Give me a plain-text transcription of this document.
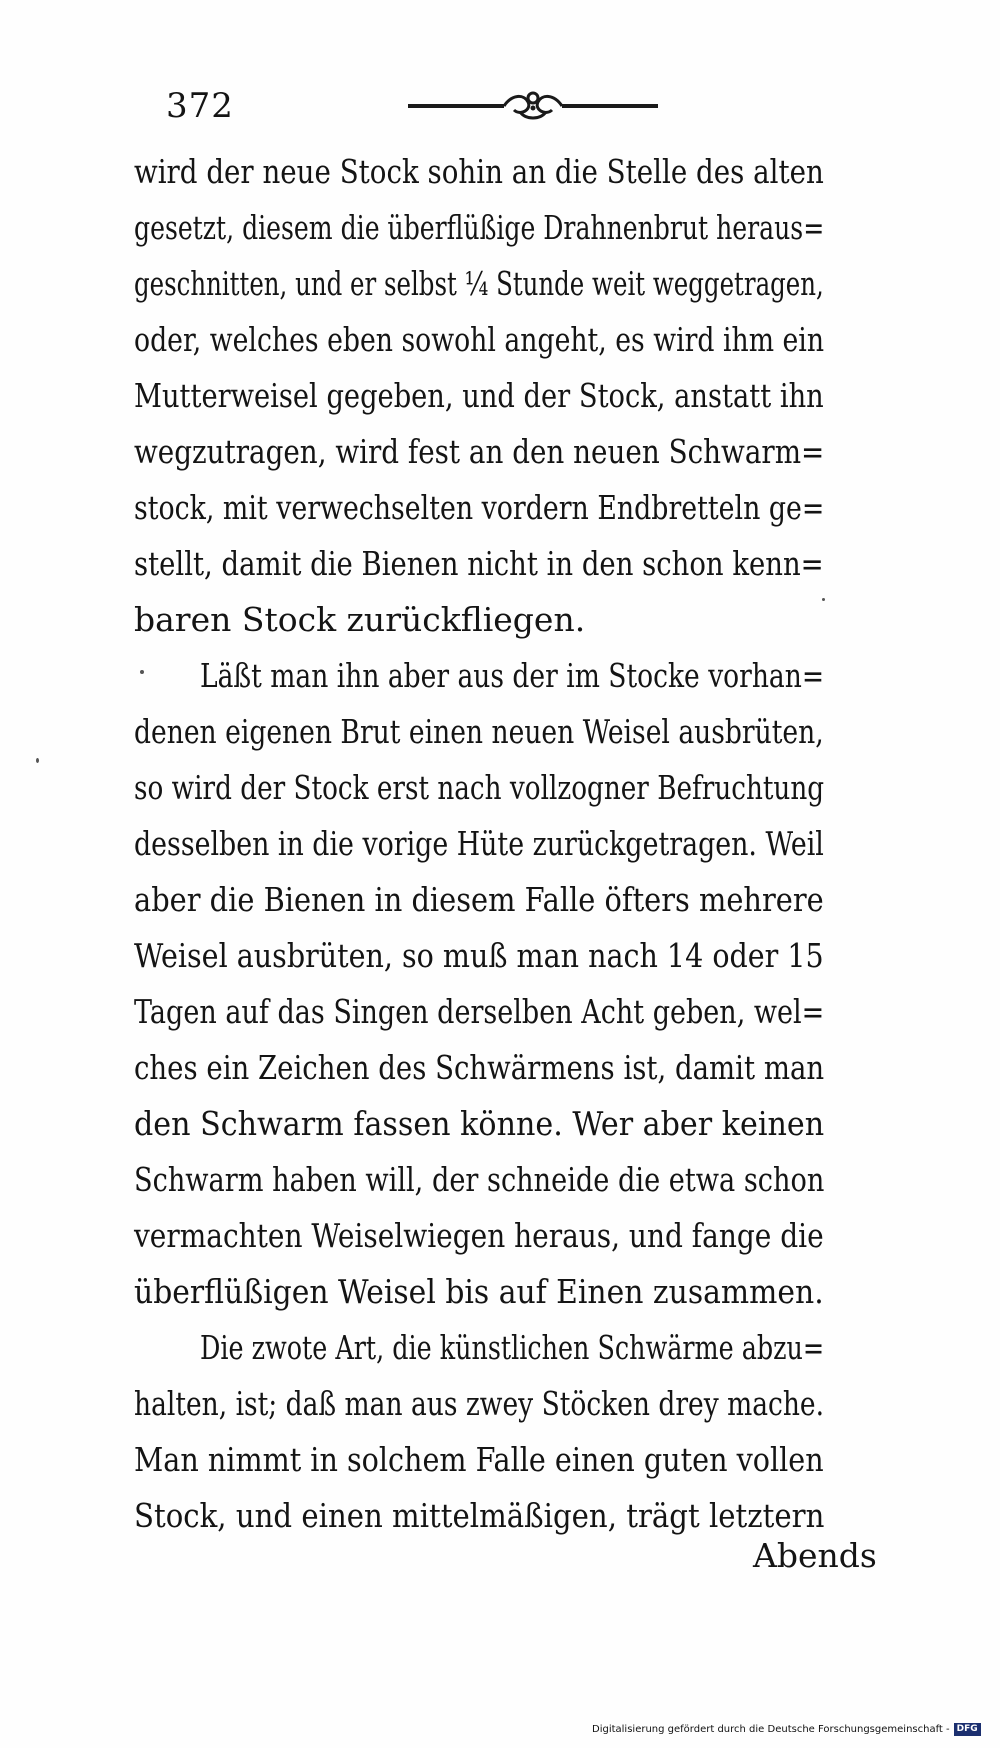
372
wird der neue Stock sohin an die Stelle des alten
gesetzt, diesem die überflüßige Drahnenbrut heraus=
geschnitten, und er selbst ¼ Stunde weit weggetragen,
oder, welches eben sowohl angeht, es wird ihm ein
Mutterweisel gegeben, und der Stock, anstatt ihn
wegzutragen, wird fest an den neuen Schwarm=
stock, mit verwechselten vordern Endbretteln ge=
stellt, damit die Bienen nicht in den schon kenn=
baren Stock zurückfliegen.
Läßt man ihn aber aus der im Stocke vorhan=
denen eigenen Brut einen neuen Weisel ausbrüten,
so wird der Stock erst nach vollzogner Befruchtung
desselben in die vorige Hüte zurückgetragen. Weil
aber die Bienen in diesem Falle öfters mehrere
Weisel ausbrüten, so muß man nach 14 oder 15
Tagen auf das Singen derselben Acht geben, wel=
ches ein Zeichen des Schwärmens ist, damit man
den Schwarm fassen könne. Wer aber keinen
Schwarm haben will, der schneide die etwa schon
vermachten Weiselwiegen heraus, und fange die
überflüßigen Weisel bis auf Einen zusammen.
Die zwote Art, die künstlichen Schwärme abzu=
halten, ist; daß man aus zwey Stöcken drey mache.
Man nimmt in solchem Falle einen guten vollen
Stock, und einen mittelmäßigen, trägt letztern
Abends
Digitalisierung gefördert durch die Deutsche Forschungsgemeinschaft - DFG
